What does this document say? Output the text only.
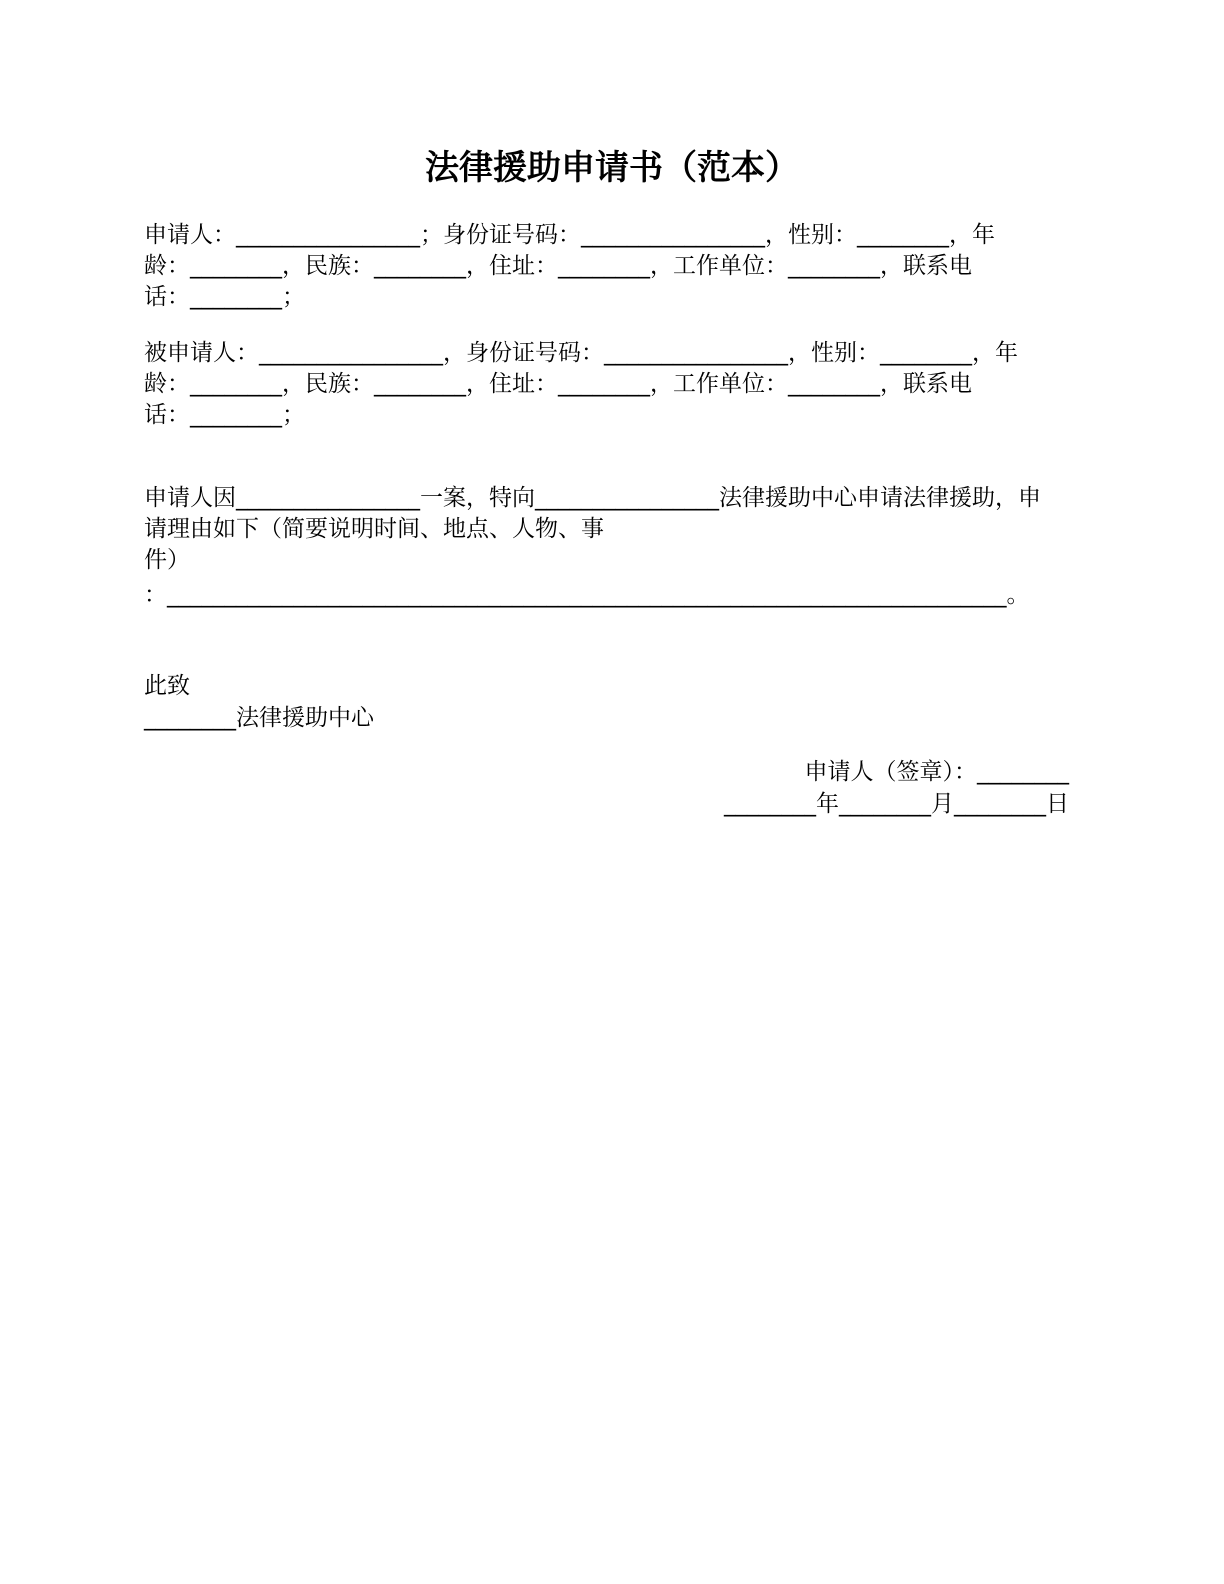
法律援助申请书（范本）
申请人：________________；身份证号码：________________，性别：________，年
龄：________，民族：________，住址：________，工作单位：________，联系电
话：________；
被申请人：________________，身份证号码：________________，性别：________，年
龄：________，民族：________，住址：________，工作单位：________，联系电
话：________；
申请人因________________一案，特向________________法律援助中心申请法律援助，申
请理由如下（简要说明时间、地点、人物、事
件）
：_________________________________________________________________________。
此致
________法律援助中心
申请人（签章）：________
________年________月________日
